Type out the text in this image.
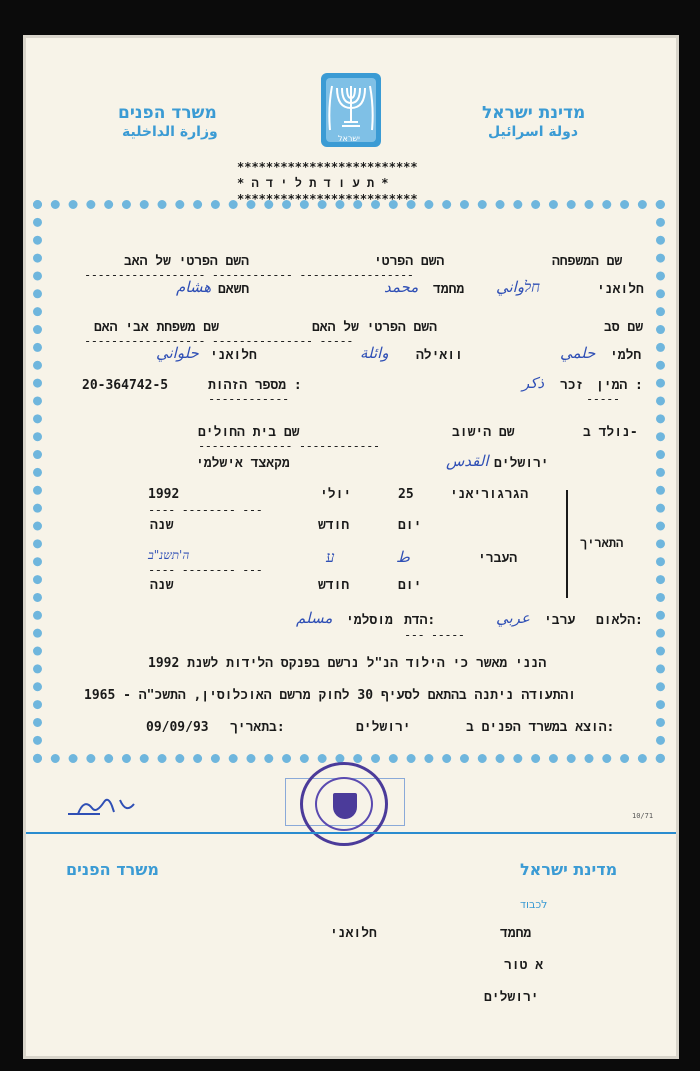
מדינת ישראל
دولة اسرائيل
משרד הפנים
وزارة الداخلية	ישראל
*************************
* ת ע ו ד ת ל י ד ה *
*************************
שם המשפחה
השם הפרטי
השם הפרטי של האב
------------------ ------------ -----------------
חלואני
חלواني
מחמד
محمد
חשאם
هشام
שם סב
השם הפרטי של האם
שם משפחת אבי האם
------------------ --------------- -----
חלמי
حلمي
וואילה
وائلة
חלואני
حلواني
המין :
זכר
ذكر
מספר הזהות :
20-364742-5
------------	-----
נולד ב-
שם הישוב
שם בית החולים
-------------- ------------
ירושלים
القدس
מקאצד אישלמי
התאריך
הגרגוריאני
25
יולי
1992
---- -------- ---
יום
חודש
שנה
העברי
ط
ע
ה'תשנ"ב
---- -------- ---
יום
חודש
שנה
הלאום:
ערבי
عربي
הדת:
מוסלמי
مسلم
--- -----
הנני מאשר כי הילוד הנ"ל נרשם בפנקס הלידות לשנת 1992
והתעודה ניתנה בהתאם לסעיף 30 לחוק מרשם האוכלוסין, התשכ"ה - 1965
הוצא במשרד הפנים ב:
ירושלים
בתאריך:
09/09/93
10/71
מדינת ישראל
משרד הפנים
לכבוד
מחמד
חלואני
א טור
ירושלים
